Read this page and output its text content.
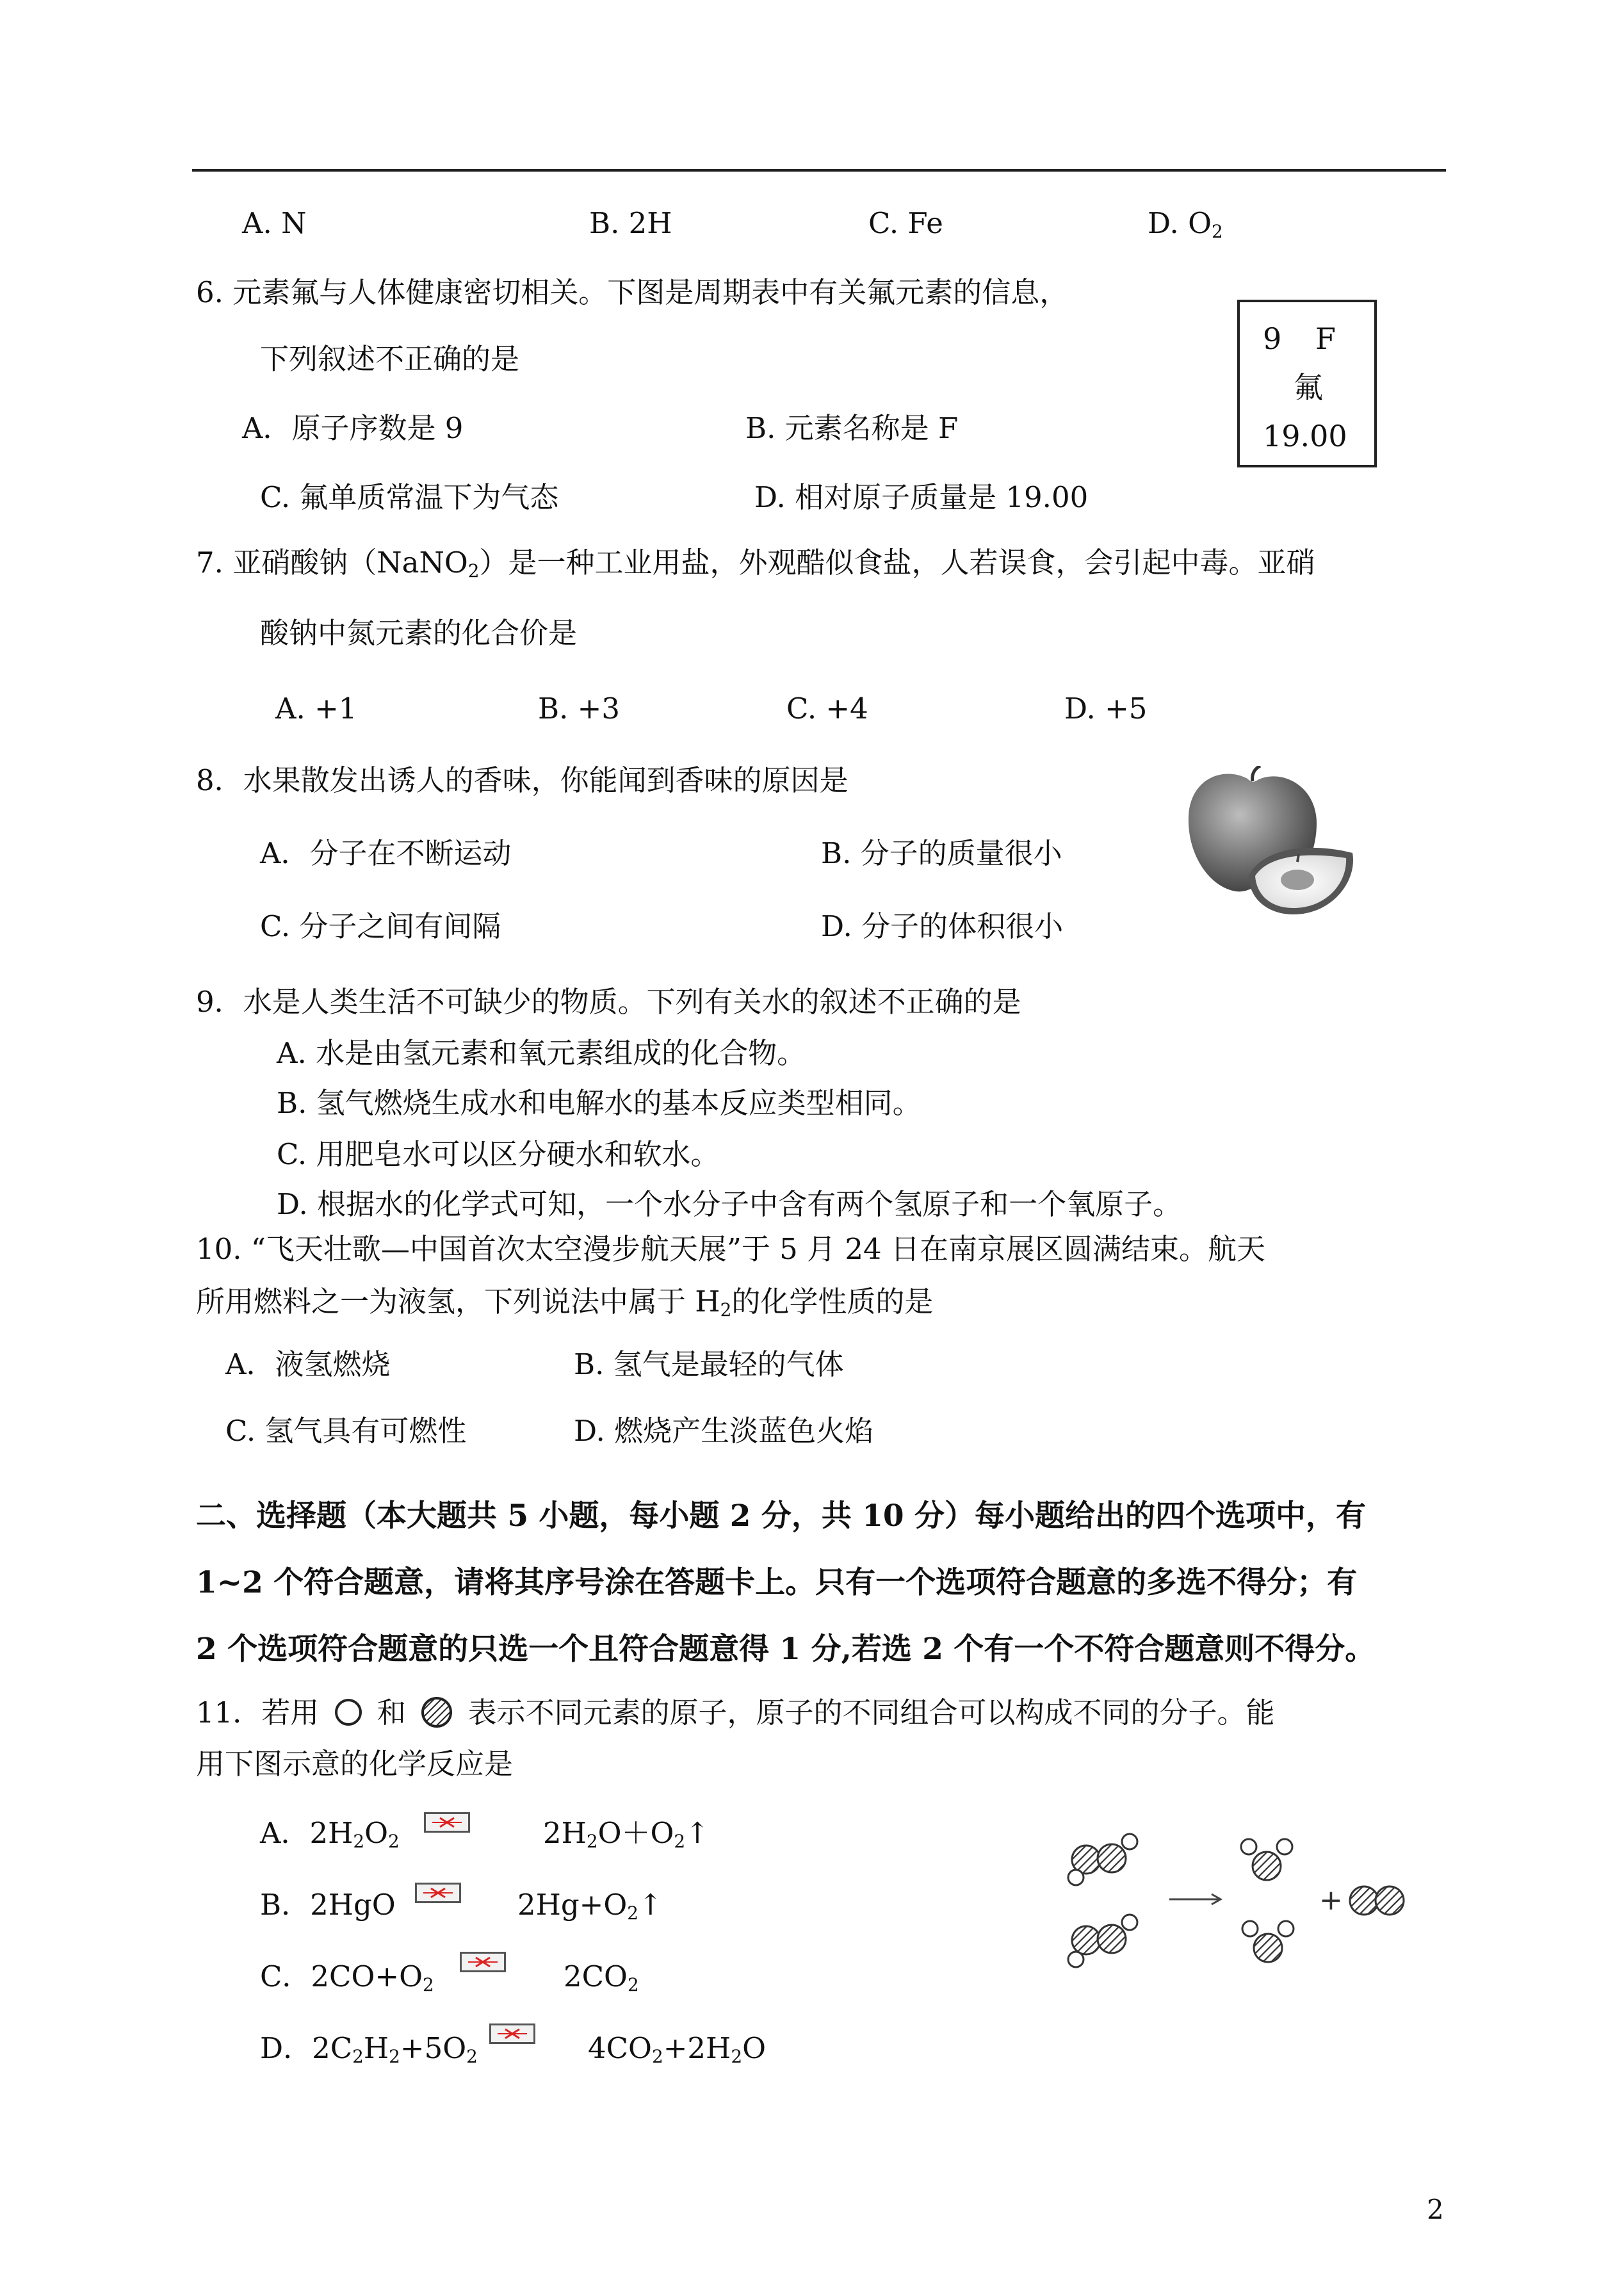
A. N	B. 2H	C. Fe	D. $O_2$
6. 元素氟与人体健康密切相关。下图是周期表中有关氟元素的信息，
下列叙述不正确的是
A．原子序数是 9	B. 元素名称是 F
C. 氟单质常温下为气态	D. 相对原子质量是 19.00
9 F
氟
19.00
7. 亚硝酸钠（NaNO$_2$）是一种工业用盐，外观酷似食盐，人若误食，会引起中毒。亚硝
酸钠中氮元素的化合价是
A. +1	B. +3	C. +4	D. +5
8．水果散发出诱人的香味，你能闻到香味的原因是
A．分子在不断运动	B. 分子的质量很小
C. 分子之间有间隔	D. 分子的体积很小
9．水是人类生活不可缺少的物质。下列有关水的叙述不正确的是
A. 水是由氢元素和氧元素组成的化合物。
B. 氢气燃烧生成水和电解水的基本反应类型相同。
C. 用肥皂水可以区分硬水和软水。
D. 根据水的化学式可知，一个水分子中含有两个氢原子和一个氧原子。
10. “飞天壮歌—中国首次太空漫步航天展”于 5 月 24 日在南京展区圆满结束。航天
所用燃料之一为液氢，下列说法中属于 $H_2$的化学性质的是
A．液氢燃烧	B. 氢气是最轻的气体
C. 氢气具有可燃性	D. 燃烧产生淡蓝色火焰
二、选择题（本大题共 5 小题，每小题 2 分，共 10 分）每小题给出的四个选项中，有
1~2 个符合题意，请将其序号涂在答题卡上。只有一个选项符合题意的多选不得分；有
2 个选项符合题意的只选一个且符合题意得 1 分,若选 2 个有一个不符合题意则不得分。
11．若用 和 表示不同元素的原子，原子的不同组合可以构成不同的分子。能
用下图示意的化学反应是
A．$2H_2O_2$	$2H_2O+O_2↑$
B．2HgO	$2Hg+O_2↑$
C．$2CO+O_2$	$2CO_2$
D．$2C_2H_2+5O_2$	$4CO_2+2H_2O$
+
2
